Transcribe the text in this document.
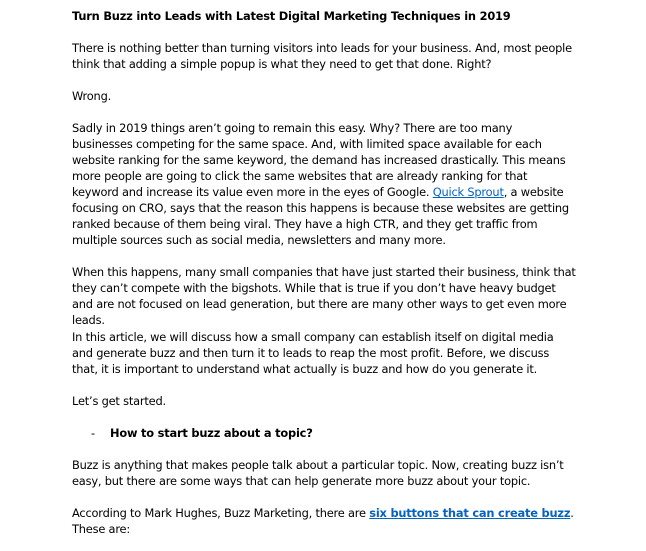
Turn Buzz into Leads with Latest Digital Marketing Techniques in 2019

There is nothing better than turning visitors into leads for your business. And, most people think that adding a simple popup is what they need to get that done. Right?

Wrong.

Sadly in 2019 things aren’t going to remain this easy. Why? There are too many businesses competing for the same space. And, with limited space available for each website ranking for the same keyword, the demand has increased drastically. This means more people are going to click the same websites that are already ranking for that keyword and increase its value even more in the eyes of Google. Quick Sprout, a website focusing on CRO, says that the reason this happens is because these websites are getting ranked because of them being viral. They have a high CTR, and they get traffic from multiple sources such as social media, newsletters and many more.

When this happens, many small companies that have just started their business, think that they can’t compete with the bigshots. While that is true if you don’t have heavy budget and are not focused on lead generation, but there are many other ways to get even more leads.

In this article, we will discuss how a small company can establish itself on digital media and generate buzz and then turn it to leads to reap the most profit. Before, we discuss that, it is important to understand what actually is buzz and how do you generate it.

Let’s get started.

- How to start buzz about a topic?

Buzz is anything that makes people talk about a particular topic. Now, creating buzz isn’t easy, but there are some ways that can help generate more buzz about your topic.

According to Mark Hughes, Buzz Marketing, there are six buttons that can create buzz. These are:
